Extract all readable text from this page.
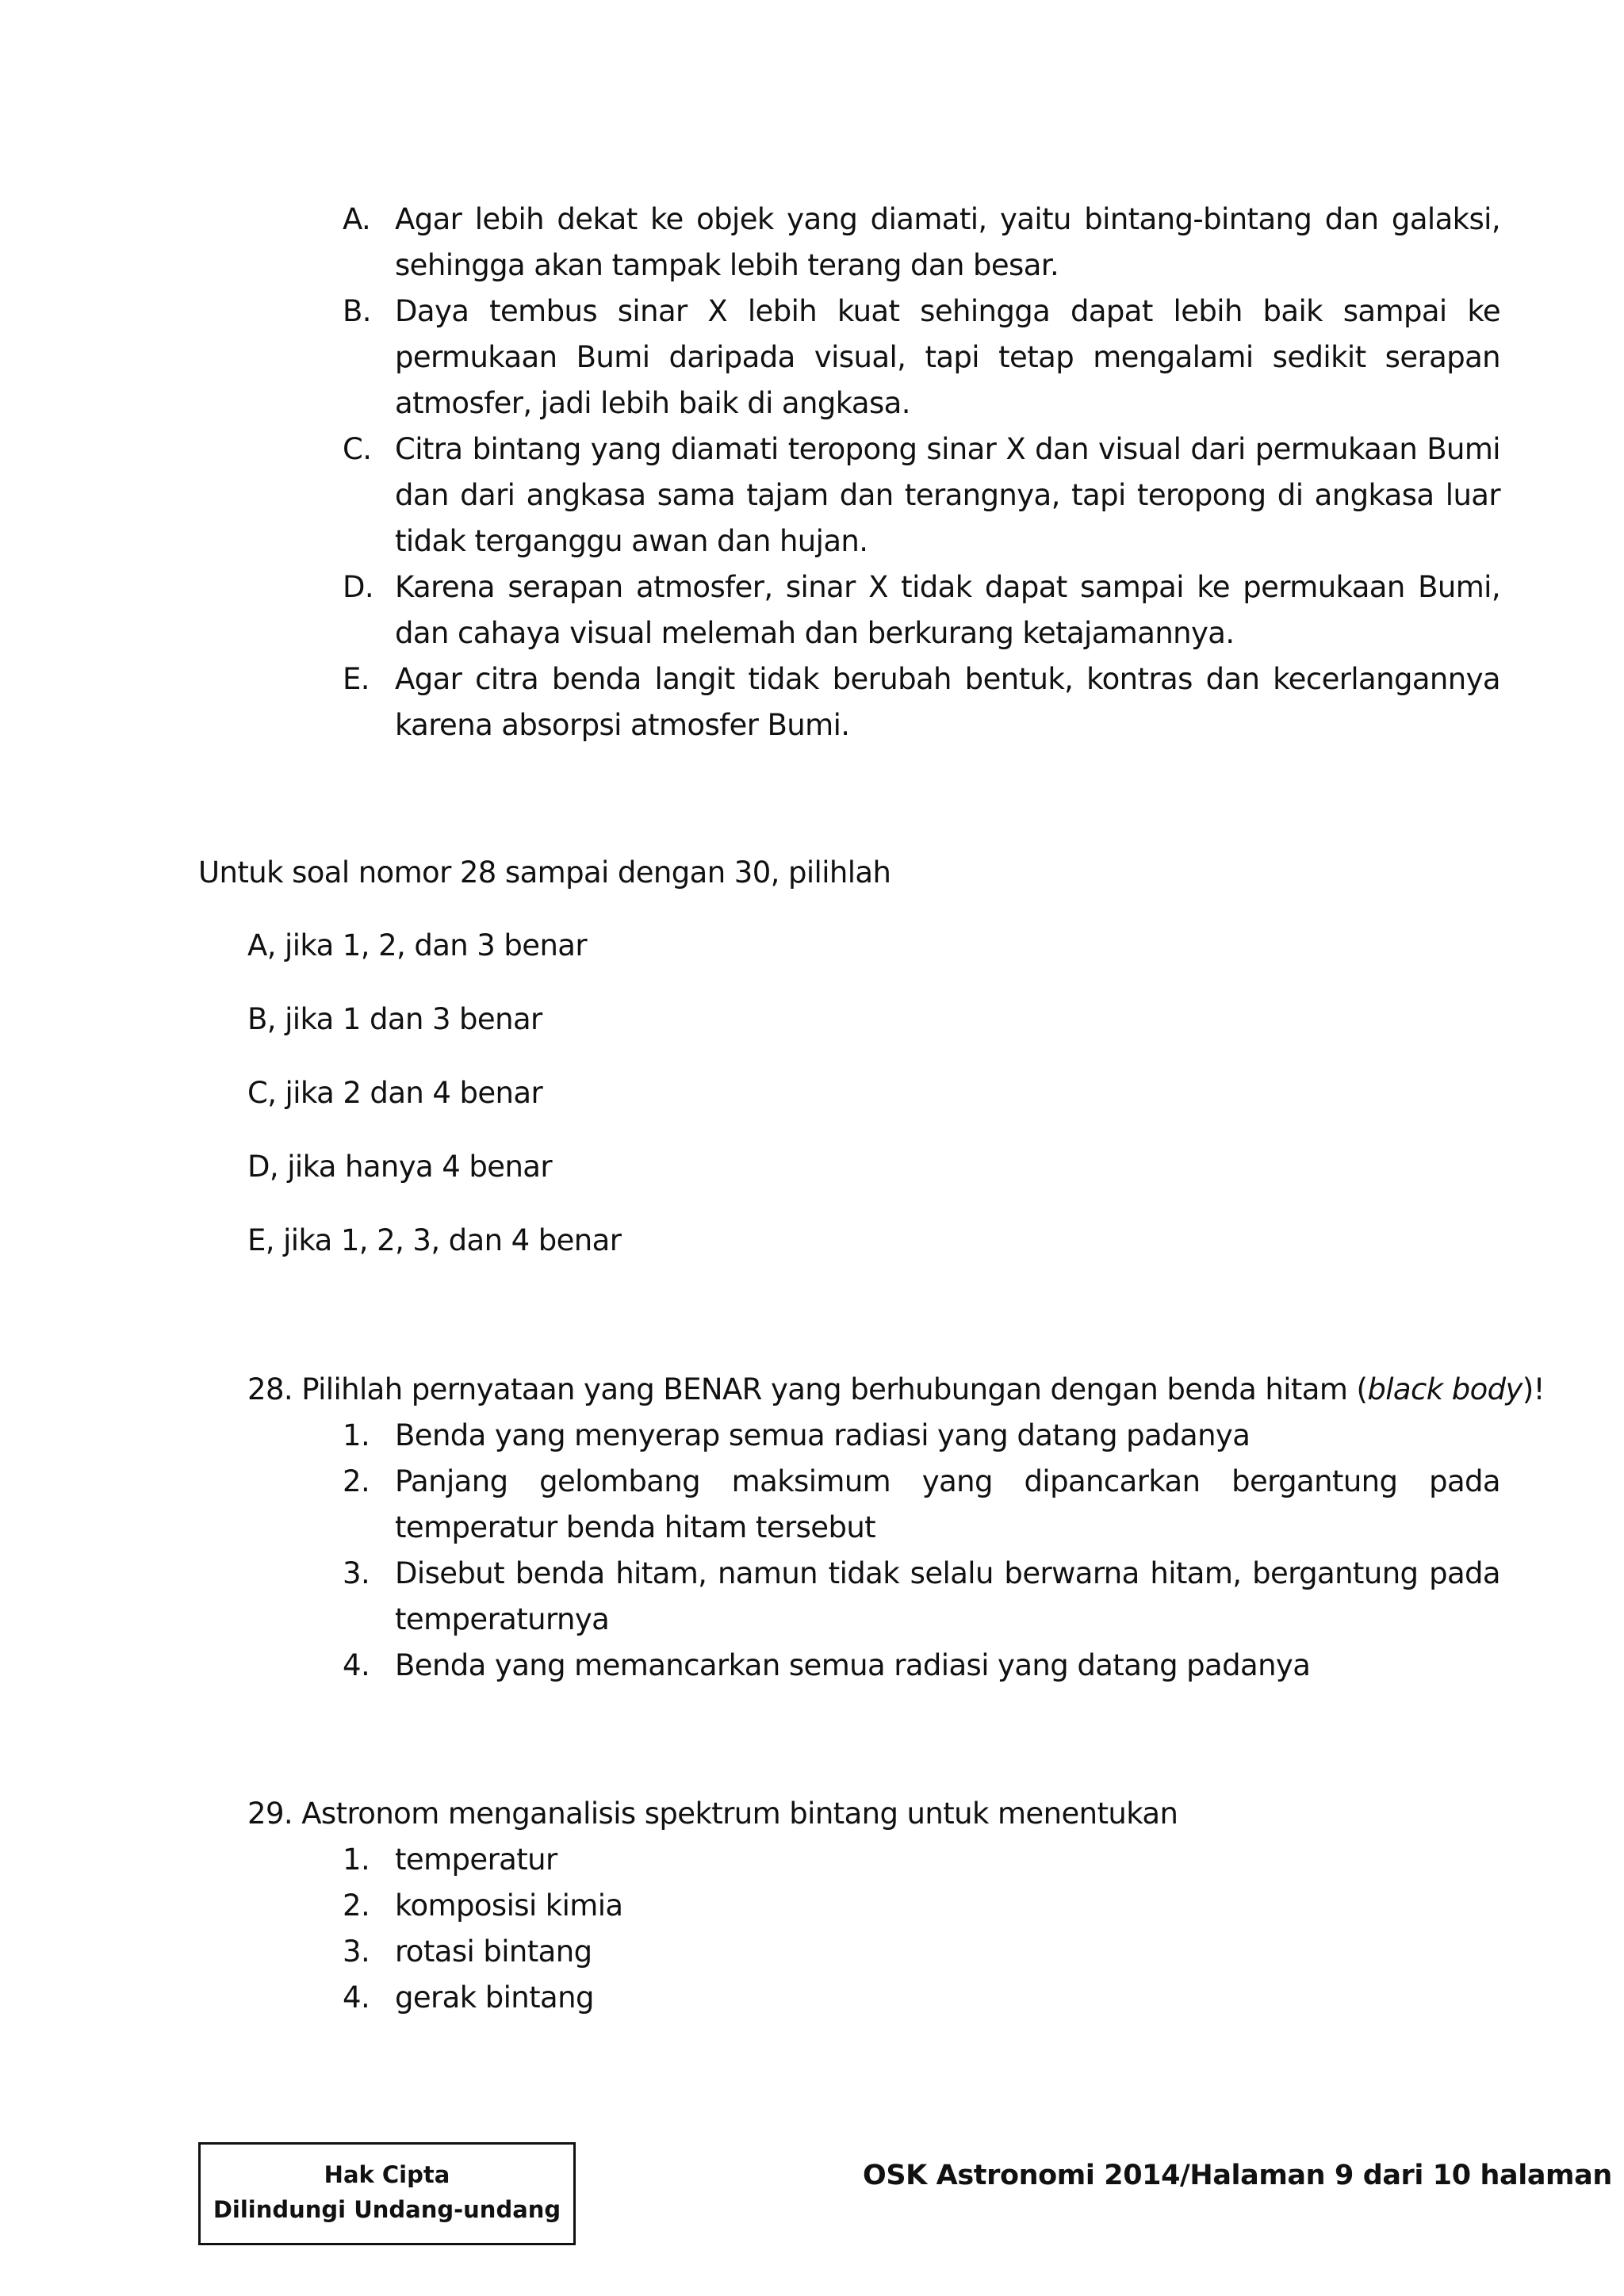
A. Agar lebih dekat ke objek yang diamati, yaitu bintang-bintang dan galaksi, sehingga akan tampak lebih terang dan besar.
B. Daya tembus sinar X lebih kuat sehingga dapat lebih baik sampai ke permukaan Bumi daripada visual, tapi tetap mengalami sedikit serapan atmosfer, jadi lebih baik di angkasa.
C. Citra bintang yang diamati teropong sinar X dan visual dari permukaan Bumi dan dari angkasa sama tajam dan terangnya, tapi teropong di angkasa luar tidak terganggu awan dan hujan.
D. Karena serapan atmosfer, sinar X tidak dapat sampai ke permukaan Bumi, dan cahaya visual melemah dan berkurang ketajamannya.
E. Agar citra benda langit tidak berubah bentuk, kontras dan kecerlangannya karena absorpsi atmosfer Bumi.
Untuk soal nomor 28 sampai dengan 30, pilihlah
A, jika 1, 2, dan 3 benar
B, jika 1 dan 3 benar
C, jika 2 dan 4 benar
D, jika hanya 4 benar
E, jika 1, 2, 3, dan 4 benar
28. Pilihlah pernyataan yang BENAR yang berhubungan dengan benda hitam (black body)!
1. Benda yang menyerap semua radiasi yang datang padanya
2. Panjang gelombang maksimum yang dipancarkan bergantung pada temperatur benda hitam tersebut
3. Disebut benda hitam, namun tidak selalu berwarna hitam, bergantung pada temperaturnya
4. Benda yang memancarkan semua radiasi yang datang padanya
29. Astronom menganalisis spektrum bintang untuk menentukan
1. temperatur
2. komposisi kimia
3. rotasi bintang
4. gerak bintang
Hak Cipta
Dilindungi Undang-undang
OSK Astronomi 2014/Halaman 9 dari 10 halaman
